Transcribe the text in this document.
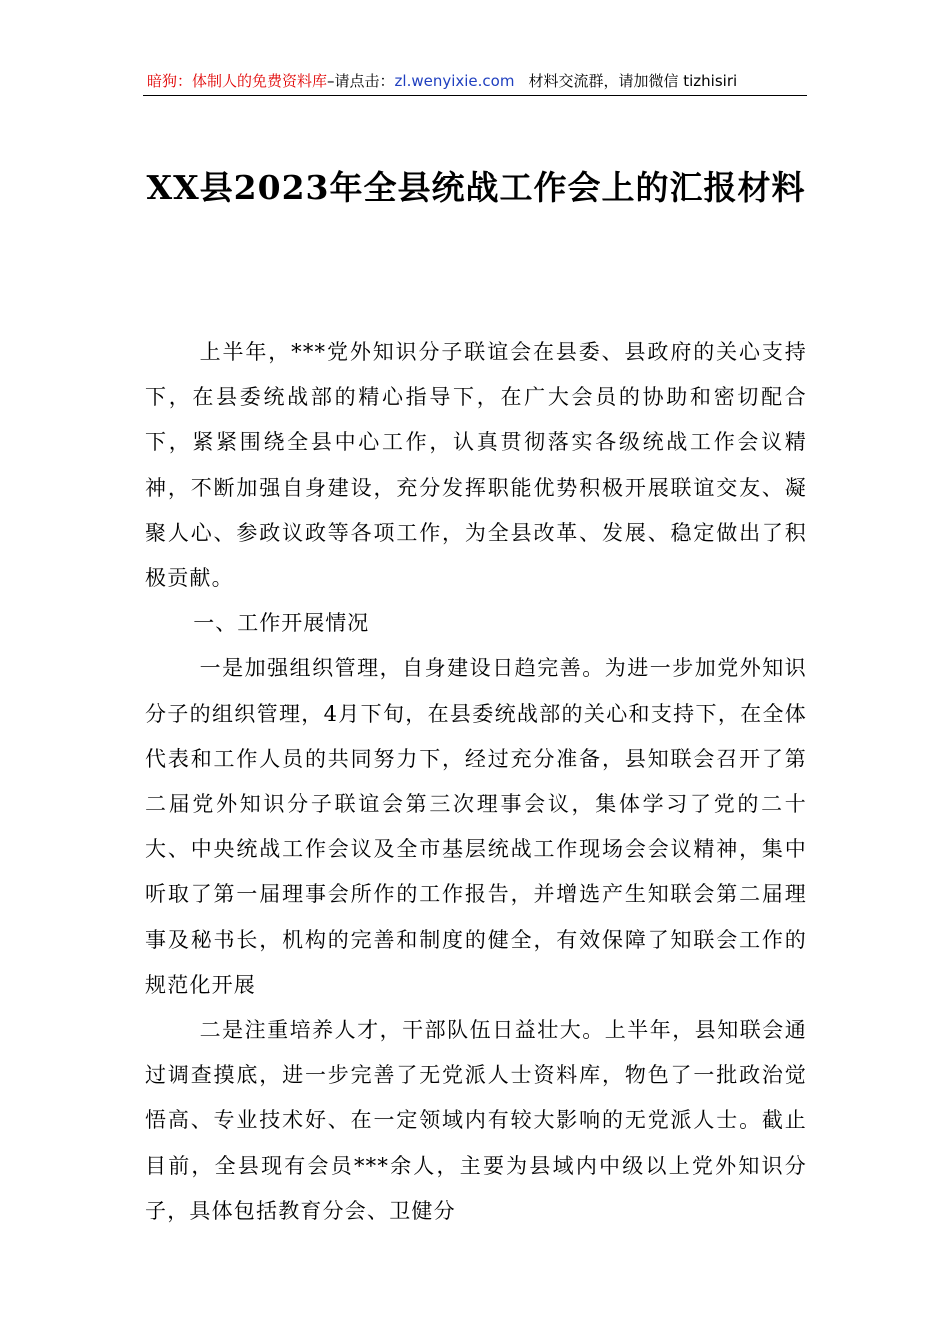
暗狗：体制人的免费资料库–请点击：zl.wenyixie.com 材料交流群，请加微信 tizhisiri
XX县2023年全县统战工作会上的汇报材料

上半年，***党外知识分子联谊会在县委、县政府的关心支持下，在县委统战部的精心指导下，在广大会员的协助和密切配合下，紧紧围绕全县中心工作，认真贯彻落实各级统战工作会议精神，不断加强自身建设，充分发挥职能优势积极开展联谊交友、凝聚人心、参政议政等各项工作，为全县改革、发展、稳定做出了积极贡献。

一、工作开展情况

一是加强组织管理，自身建设日趋完善。为进一步加党外知识分子的组织管理，4月下旬，在县委统战部的关心和支持下，在全体代表和工作人员的共同努力下，经过充分准备，县知联会召开了第二届党外知识分子联谊会第三次理事会议，集体学习了党的二十大、中央统战工作会议及全市基层统战工作现场会会议精神，集中听取了第一届理事会所作的工作报告，并增选产生知联会第二届理事及秘书长，机构的完善和制度的健全，有效保障了知联会工作的规范化开展

二是注重培养人才，干部队伍日益壮大。上半年，县知联会通过调查摸底，进一步完善了无党派人士资料库，物色了一批政治觉悟高、专业技术好、在一定领域内有较大影响的无党派人士。截止目前，全县现有会员***余人，主要为县域内中级以上党外知识分子，具体包括教育分会、卫健分
